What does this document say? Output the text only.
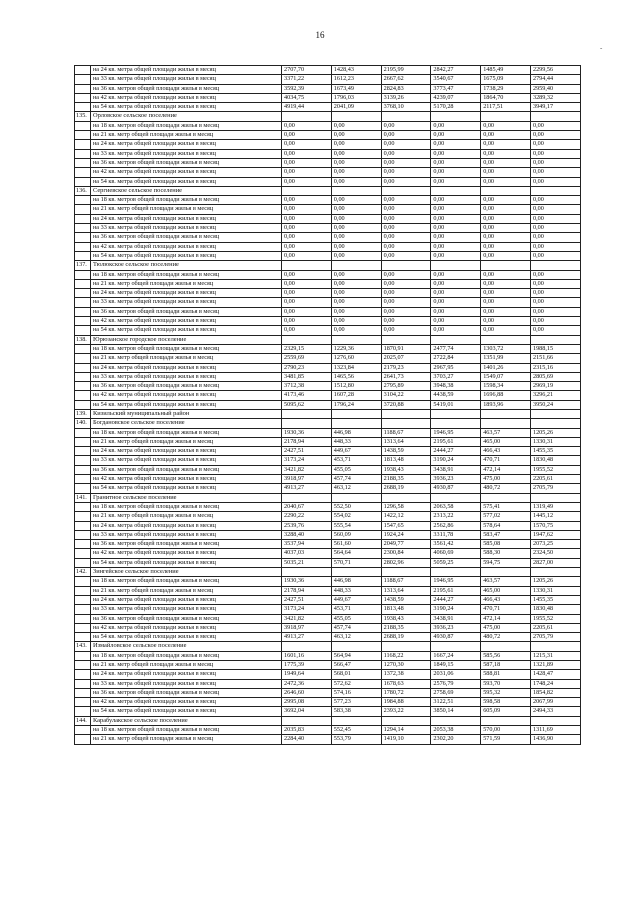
16
-
	на 24 кв. метра общей площади жилья в месяц	2707,70	1428,43	2195,99	2842,27	1485,49	2299,56
	на 33 кв. метра общей площади жилья в месяц	3371,22	1612,23	2667,62	3540,67	1675,09	2794,44
	на 36 кв. метров общей площади жилья в месяц	3592,39	1673,49	2824,83	3773,47	1738,29	2959,40
	на 42 кв. метра общей площади жилья в месяц	4034,75	1796,03	3139,26	4239,07	1864,70	3289,32
	на 54 кв. метра общей площади жилья в месяц	4919,44	2041,09	3768,10	5170,28	2117,51	3949,17
135.	Орловское сельское поселение						
	на 18 кв. метров общей площади жилья в месяц	0,00	0,00	0,00	0,00	0,00	0,00
	на 21 кв. метр общей площади жилья в месяц	0,00	0,00	0,00	0,00	0,00	0,00
	на 24 кв. метра общей площади жилья в месяц	0,00	0,00	0,00	0,00	0,00	0,00
	на 33 кв. метра общей площади жилья в месяц	0,00	0,00	0,00	0,00	0,00	0,00
	на 36 кв. метров общей площади жилья в месяц	0,00	0,00	0,00	0,00	0,00	0,00
	на 42 кв. метра общей площади жилья в месяц	0,00	0,00	0,00	0,00	0,00	0,00
	на 54 кв. метра общей площади жилья в месяц	0,00	0,00	0,00	0,00	0,00	0,00
136.	Сергиевское сельское поселение						
	на 18 кв. метров общей площади жилья в месяц	0,00	0,00	0,00	0,00	0,00	0,00
	на 21 кв. метр общей площади жилья в месяц	0,00	0,00	0,00	0,00	0,00	0,00
	на 24 кв. метра общей площади жилья в месяц	0,00	0,00	0,00	0,00	0,00	0,00
	на 33 кв. метра общей площади жилья в месяц	0,00	0,00	0,00	0,00	0,00	0,00
	на 36 кв. метров общей площади жилья в месяц	0,00	0,00	0,00	0,00	0,00	0,00
	на 42 кв. метра общей площади жилья в месяц	0,00	0,00	0,00	0,00	0,00	0,00
	на 54 кв. метра общей площади жилья в месяц	0,00	0,00	0,00	0,00	0,00	0,00
137.	Тюлюкское сельское поселение						
	на 18 кв. метров общей площади жилья в месяц	0,00	0,00	0,00	0,00	0,00	0,00
	на 21 кв. метр общей площади жилья в месяц	0,00	0,00	0,00	0,00	0,00	0,00
	на 24 кв. метра общей площади жилья в месяц	0,00	0,00	0,00	0,00	0,00	0,00
	на 33 кв. метра общей площади жилья в месяц	0,00	0,00	0,00	0,00	0,00	0,00
	на 36 кв. метров общей площади жилья в месяц	0,00	0,00	0,00	0,00	0,00	0,00
	на 42 кв. метра общей площади жилья в месяц	0,00	0,00	0,00	0,00	0,00	0,00
	на 54 кв. метра общей площади жилья в месяц	0,00	0,00	0,00	0,00	0,00	0,00
138.	Юрюзанское городское поселение						
	на 18 кв. метров общей площади жилья в месяц	2329,15	1229,36	1870,91	2477,74	1303,72	1988,15
	на 21 кв. метр общей площади жилья в месяц	2559,69	1276,60	2025,07	2722,84	1351,99	2151,66
	на 24 кв. метра общей площади жилья в месяц	2790,23	1323,84	2179,23	2967,95	1401,26	2315,16
	на 33 кв. метра общей площади жилья в месяц	3481,85	1465,56	2641,73	3703,27	1549,07	2805,69
	на 36 кв. метров общей площади жилья в месяц	3712,38	1512,80	2795,89	3948,38	1598,34	2969,19
	на 42 кв. метра общей площади жилья в месяц	4173,46	1607,28	3104,22	4438,59	1696,88	3296,21
	на 54 кв. метра общей площади жилья в месяц	5095,62	1796,24	3720,88	5419,01	1893,96	3950,24
139.	Кизильский муниципальный район						
140.	Богдановское сельское поселение						
	на 18 кв. метров общей площади жилья в месяц	1930,36	446,98	1188,67	1946,95	463,57	1205,26
	на 21 кв. метр общей площади жилья в месяц	2178,94	448,33	1313,64	2195,61	465,00	1330,31
	на 24 кв. метра общей площади жилья в месяц	2427,51	449,67	1438,59	2444,27	466,43	1455,35
	на 33 кв. метра общей площади жилья в месяц	3173,24	453,71	1813,48	3190,24	470,71	1830,48
	на 36 кв. метров общей площади жилья в месяц	3421,82	455,05	1938,43	3438,91	472,14	1955,52
	на 42 кв. метра общей площади жилья в месяц	3918,97	457,74	2188,35	3936,23	475,00	2205,61
	на 54 кв. метра общей площади жилья в месяц	4913,27	463,12	2688,19	4930,87	480,72	2705,79
141.	Гранитное сельское поселение						
	на 18 кв. метров общей площади жилья в месяц	2040,67	552,50	1296,58	2063,58	575,41	1319,49
	на 21 кв. метр общей площади жилья в месяц	2290,22	554,02	1422,12	2313,22	577,02	1445,12
	на 24 кв. метра общей площади жилья в месяц	2539,76	555,54	1547,65	2562,86	578,64	1570,75
	на 33 кв. метра общей площади жилья в месяц	3288,40	560,09	1924,24	3311,78	583,47	1947,62
	на 36 кв. метров общей площади жилья в месяц	3537,94	561,60	2049,77	3561,42	585,08	2073,25
	на 42 кв. метра общей площади жилья в месяц	4037,03	564,64	2300,84	4060,69	588,30	2324,50
	на 54 кв. метра общей площади жилья в месяц	5035,21	570,71	2802,96	5059,25	594,75	2827,00
142.	Зингейское сельское поселение						
	на 18 кв. метров общей площади жилья в месяц	1930,36	446,98	1188,67	1946,95	463,57	1205,26
	на 21 кв. метр общей площади жилья в месяц	2178,94	448,33	1313,64	2195,61	465,00	1330,31
	на 24 кв. метра общей площади жилья в месяц	2427,51	449,67	1438,59	2444,27	466,43	1455,35
	на 33 кв. метра общей площади жилья в месяц	3173,24	453,71	1813,48	3190,24	470,71	1830,48
	на 36 кв. метров общей площади жилья в месяц	3421,82	455,05	1938,43	3438,91	472,14	1955,52
	на 42 кв. метра общей площади жилья в месяц	3918,97	457,74	2188,35	3936,23	475,00	2205,61
	на 54 кв. метра общей площади жилья в месяц	4913,27	463,12	2688,19	4930,87	480,72	2705,79
143.	Измайловское сельское поселение						
	на 18 кв. метров общей площади жилья в месяц	1601,16	564,94	1168,22	1667,24	585,56	1215,31
	на 21 кв. метр общей площади жилья в месяц	1775,39	566,47	1270,30	1849,15	587,18	1321,89
	на 24 кв. метра общей площади жилья в месяц	1949,64	568,01	1372,38	2031,06	588,81	1428,47
	на 33 кв. метра общей площади жилья в месяц	2472,36	572,62	1678,63	2576,79	593,70	1748,24
	на 36 кв. метров общей площади жилья в месяц	2646,60	574,16	1780,72	2758,69	595,32	1854,82
	на 42 кв. метра общей площади жилья в месяц	2995,08	577,23	1984,88	3122,51	598,58	2067,99
	на 54 кв. метра общей площади жилья в месяц	3692,04	583,38	2393,22	3850,14	605,09	2494,33
144.	Карабулакское сельское поселение						
	на 18 кв. метров общей площади жилья в месяц	2035,83	552,45	1294,14	2053,38	570,00	1311,69
	на 21 кв. метр общей площади жилья в месяц	2284,40	553,79	1419,10	2302,20	571,59	1436,90
